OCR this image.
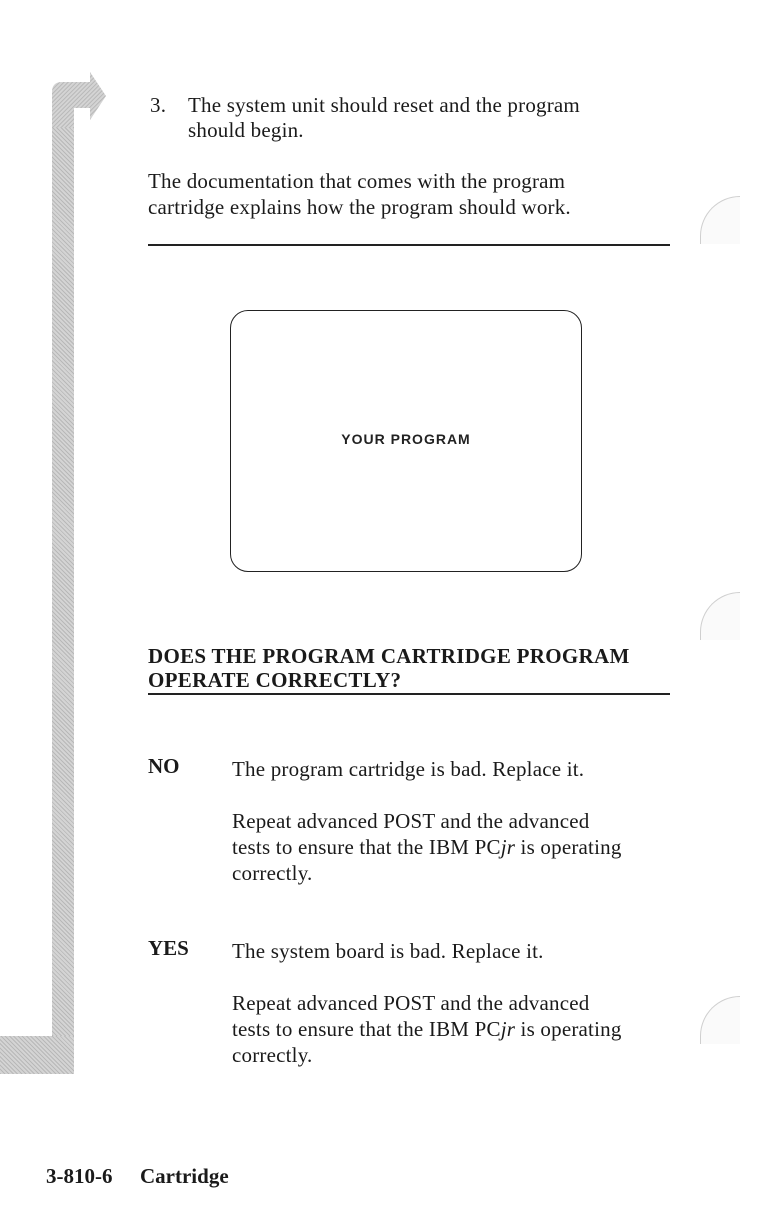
3. The system unit should reset and the program
should begin.
The documentation that comes with the program
cartridge explains how the program should work.
YOUR PROGRAM
DOES THE PROGRAM CARTRIDGE PROGRAM
OPERATE CORRECTLY?
NO	The program cartridge is bad. Replace it.
Repeat advanced POST and the advanced
tests to ensure that the IBM PCjr is operating
correctly.
YES The system board is bad. Replace it.
Repeat advanced POST and the advanced
tests to ensure that the IBM PCjr is operating
correctly.
3-810-6 Cartridge
